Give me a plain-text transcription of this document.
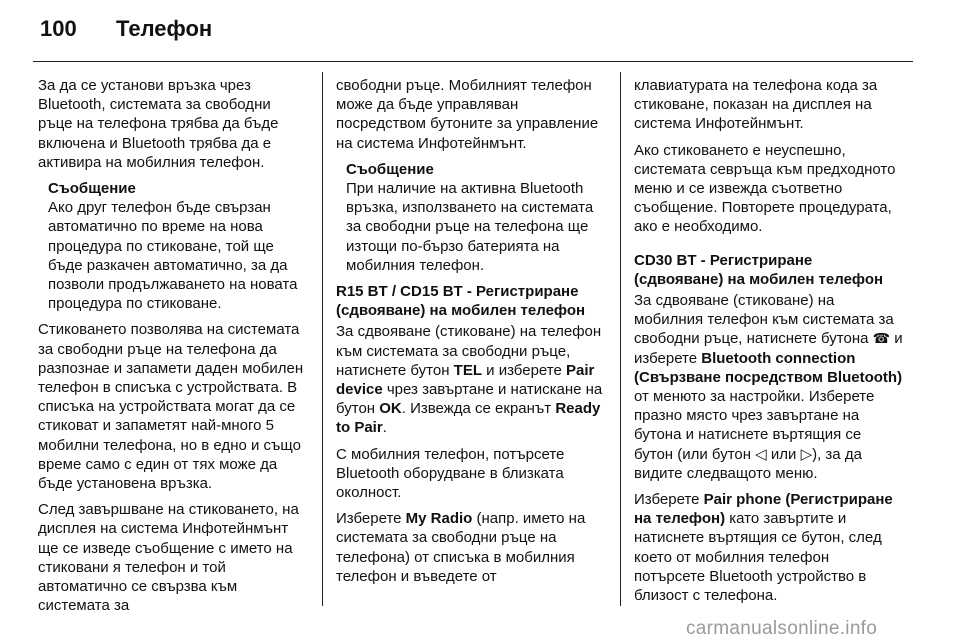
100	Телефон

За да се установи връзка чрез Bluetooth, системата за свободни ръце на телефона трябва да бъде включена и Bluetooth трябва да е активира на мобилния телефон.

Съобщение
Ако друг телефон бъде свързан автоматично по време на нова процедура по стиковане, той ще бъде разкачен автоматично, за да позволи продължаването на новата процедура по стиковане.

Стиковането позволява на системата за свободни ръце на телефона да разпознае и запамети даден мобилен телефон в списъка с устройствата. В списъка на устройствата могат да се стиковат и запаметят най-много 5 мобилни телефона, но в едно и също време само с един от тях може да бъде установена връзка.

След завършване на стиковането, на дисплея на система Инфотейнмънт ще се изведе съобщение с името на стиковани я телефон и той автоматично се свързва към системата за

свободни ръце. Мобилният телефон може да бъде управляван посредством бутоните за управление на система Инфотейнмънт.

Съобщение
При наличие на активна Bluetooth връзка, използването на системата за свободни ръце на телефона ще изтощи по-бързо батерията на мобилния телефон.
R15 BT / CD15 BT - Регистриране (сдвояване) на мобилен телефон

За сдвояване (стиковане) на телефон към системата за свободни ръце, натиснете бутон TEL и изберете Pair device чрез завъртане и натискане на бутон OK. Извежда се екранът Ready to Pair.

С мобилния телефон, потърсете Bluetooth оборудване в близката околност.

Изберете My Radio (напр. името на системата за свободни ръце на телефона) от списъка в мобилния телефон и въведете от

клавиатурата на телефона кода за стиковане, показан на дисплея на система Инфотейнмънт.

Ако стиковането е неуспешно, системата севръща към предходното меню и се извежда съответно съобщение. Повторете процедурата, ако е необходимо.

CD30 BT - Регистриране (сдвояване) на мобилен телефон

За сдвояване (стиковане) на мобилния телефон към системата за свободни ръце, натиснете бутона ☎ и изберете Bluetooth connection (Свързване посредством Bluetooth) от менюто за настройки. Изберете празно място чрез завъртане на бутона и натиснете въртящия се бутон (или бутон ◁ или ▷), за да видите следващото меню.

Изберете Pair phone (Регистриране на телефон) като завъртите и натиснете въртящия се бутон, след което от мобилния телефон потърсете Bluetooth устройство в близост с телефона.

carmanualsonline.info
